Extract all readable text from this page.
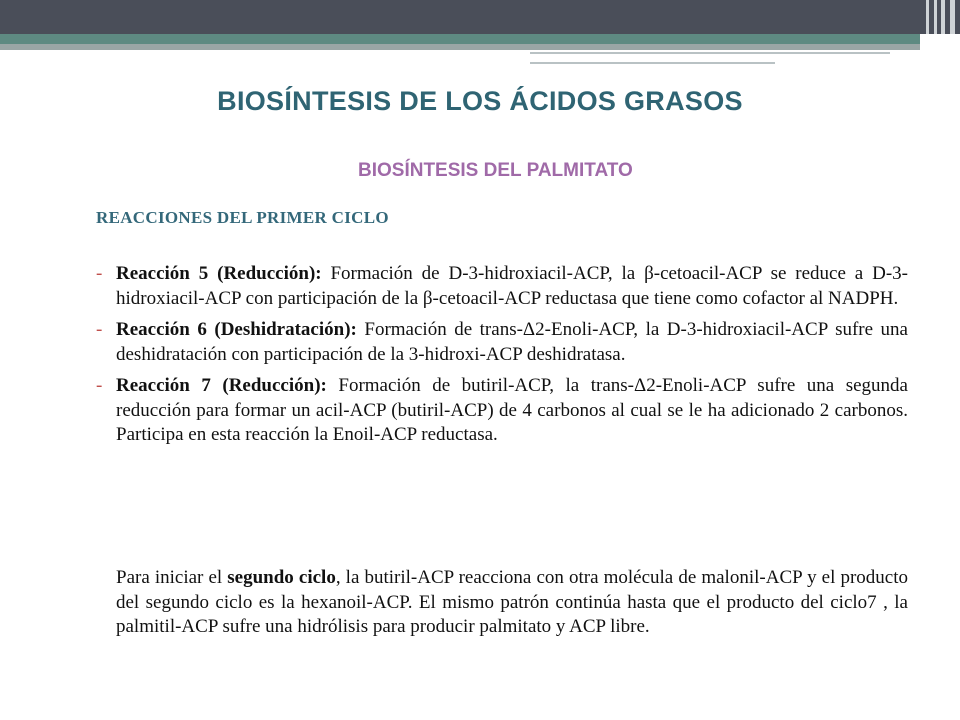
BIOSÍNTESIS DE LOS ÁCIDOS GRASOS
BIOSÍNTESIS DEL PALMITATO
REACCIONES DEL PRIMER CICLO
- Reacción 5 (Reducción): Formación de D-3-hidroxiacil-ACP, la β-cetoacil-ACP se reduce a D-3-hidroxiacil-ACP con participación de la β-cetoacil-ACP reductasa que tiene como cofactor al NADPH.
- Reacción 6 (Deshidratación): Formación de trans-Δ2-Enoli-ACP, la D-3-hidroxiacil-ACP sufre una deshidratación con participación de la 3-hidroxi-ACP deshidratasa.
- Reacción 7 (Reducción): Formación de butiril-ACP, la trans-Δ2-Enoli-ACP sufre una segunda reducción para formar un acil-ACP (butiril-ACP) de 4 carbonos al cual se le ha adicionado 2 carbonos. Participa en esta reacción la Enoil-ACP reductasa.

Para iniciar el segundo ciclo, la butiril-ACP reacciona con otra molécula de malonil-ACP y el producto del segundo ciclo es la hexanoil-ACP. El mismo patrón continúa hasta que el producto del ciclo7 , la palmitil-ACP sufre una hidrólisis para producir palmitato y ACP libre.
